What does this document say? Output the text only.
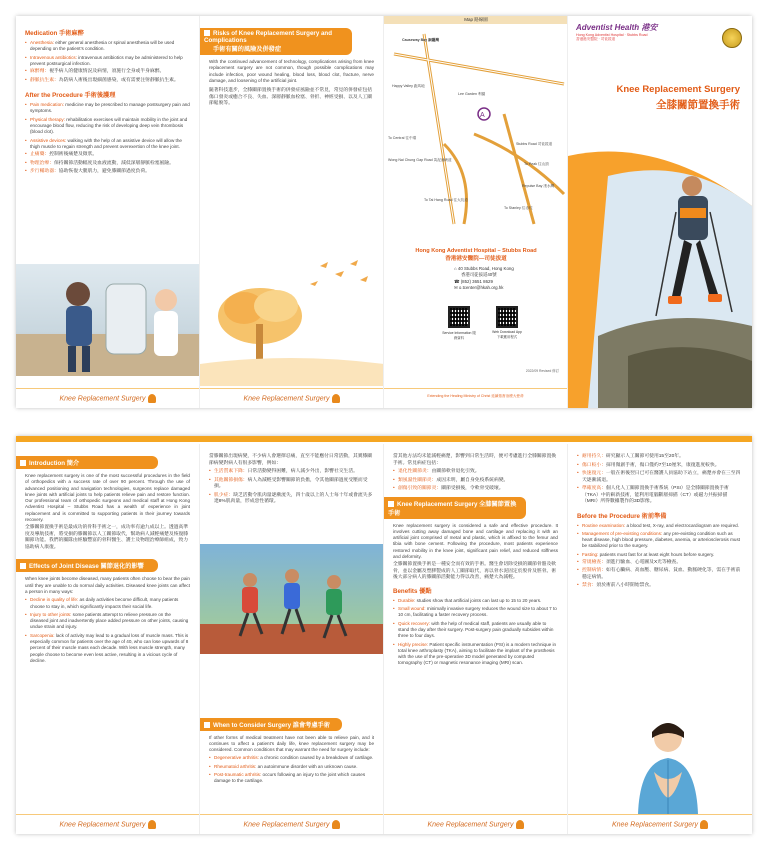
Medication 手術麻醉
• Anesthesia: either general anesthesia or spinal anesthesia will be used depending on the patient's condition.
• Intravenous antibiotics: intravenous antibiotics may be administered to help prevent postsurgical infection.
• 麻醉劑：視乎病人的健康情況及病情，須施行全身或半身麻醉。
• 靜脈抗生素：為防病人術後出現細菌感染，或有需要注射靜脈抗生素。
After the Procedure 手術後護理
• Pain medication: medicine may be prescribed to manage postsurgery pain and symptoms.
• Physical therapy: rehabilitation exercises will maintain mobility in the joint and encourage blood flow, reducing the risk of developing deep vein thrombosis (blood clot).
• Assistive devices: walking with the help of an assistive device will allow the thigh muscle to regain strength and prevent overexertion of the knee joint.
• 止痛藥：控制術後痛楚及徵狀。
• 物理治療：保持關節活動幅度及血液流動，減低深層靜脈栓塞風險。
• 步行輔助器：協助恢復大腿肌力，避免膝關節過度負荷。
Knee Replacement Surgery
Risks of Knee Replacement Surgery and Complications
手術有關的風險及併發症

With the continued advancement of technology, complications arising from knee replacement surgery are not common, though possible complications may include infection, poor wound healing, blood loss, blood clot, fracture, nerve damage, and loosening of the artificial joint.

隨著科技進步，全膝關節置換手術的併發症風險並不常見，常見的併發症包括傷口發炎或癒合不良、失血、深層靜脈血栓塞、骨折、神經受損、以及人工關節鬆脫等。

Knee Replacement Surgery
Map 路線圖
A
Causeway Bay 銅鑼灣
Happy Valley 跑馬地
Lee Garden 利園
Stubbs Road 司徒拔道
Wong Nai Chung Gap Road 黃泥涌峽道
To Peak 往山頂
Repulse Bay 淺水灣
To Tai Hang Road 往大坑道
To Central 往中環
To Stanley 往赤柱
Hong Kong Adventist Hospital – Stubbs Road
香港港安醫院—司徒拔道
⌂ 40 Stubbs Road, Hong Kong
香港司徒拔道40號
☎ (852) 3651 8629
✉ o.tcenter@hkah.org.hk
Service Information 服務資料
Web Download App 下載應用程式
2022/09 Revised 修訂
Extending the Healing Ministry of Christ 延續基督治療大使命
Adventist Health 港安
Hong Kong Adventist Hospital · Stubbs Road
香港港安醫院 · 司徒拔道
Knee Replacement Surgery
全膝關節置換手術
Introduction 簡介

Knee replacement surgery is one of the most successful procedures in the field of orthopedics with a success rate of over 90 percent. Through the use of advanced positioning and navigation technologies, surgeons replace damaged knee joints with artificial joints to help patients relieve pain and restore function. Our professional team of orthopedic surgeons and medical staff at Hong Kong Adventist Hospital – Stubbs Road has a wealth of experience in joint replacement and is committed to supporting patients in their journey towards recovery.

全膝關節置換手術是最成功的骨科手術之一，成功率有逾九成以上。透過高準度及導航技術，將受損的膝關節以人工關節取代，幫助病人減輕痛楚及恢復膝關節功能。我們的團隊由經驗豐富的骨科醫生、護士及物理治療師組成，致力協助病人康復。

Effects of Joint Disease 關節退化的影響

When knee joints become diseased, many patients often choose to bear the pain until they are unable to do normal daily activities. Diseased knee joints can affect a person in many ways:

• Decline in quality of life: as daily activities become difficult, many patients choose to stay in, which significantly impacts their social life.
• Injury to other joints: some patients attempt to relieve pressure on the diseased joint and inadvertently place added pressure on other joints, causing undue strain and injury.
• Sarcopenia: lack of activity may lead to a gradual loss of muscle mass. This is especially common for patients over the age of 40, who can lose upwards of 8 percent of their muscle mass each decade. With less muscle strength, many people choose to become even less active, resulting in a vicious cycle of decline.
Knee Replacement Surgery

當膝關節出現病變，不少病人會選擇忍痛，直至不能應付日常活動，其實膝關節病變對病人有很多影響，例如：

• 生活質素下降：日常活動變得困難，病人減少外出，影響社交生活。
• 其他關節損傷：病人為減輕受影響關節的負擔，令其他關節過度受壓而受損。
• 肌少症：缺乏活動令肌肉量逐漸流失，四十歲以上的人士每十年或會流失多達8%肌肉量，形成惡性循環。
When to Consider Surgery 誰會考慮手術

If other forms of medical treatment have not been able to relieve pain, and it continues to affect a patient's daily life, knee replacement surgery may be considered. Common conditions that may warrant the need for surgery include:

• Degenerative arthritis: a chronic condition caused by a breakdown of cartilage.
• Rheumatoid arthritis: an autoimmune disorder with an unknown cause.
• Post-traumatic arthritis: occurs following an injury to the joint which causes damage to the cartilage.
Knee Replacement Surgery

當其他方法均未能減輕痛楚，影響到日常生活時，便可考慮進行全膝關節置換手術。常見病症包括：

• 退化性關節炎：由關節軟骨退化引致。
• 類風濕性關節炎：成因未明，屬自身免疫系統病變。
• 創傷引致的關節炎：關節受損後，令軟骨受破壞。
Knee Replacement Surgery 全膝關節置換手術

Knee replacement surgery is considered a safe and effective procedure. It involves cutting away damaged bone and cartilage and replacing it with an artificial joint comprised of metal and plastic, which is affixed to the femur and tibia with bone cement. Following the procedure, most patients experience restored mobility in the knee joint, significant pain relief, and reduced stiffness and deformity.

全膝關節置換手術是一種安全而有效的手術。醫生會切除受損的關節骨骼及軟骨，並以金屬及塑膠製成的人工關節取代，再以骨水泥固定於股骨及脛骨。術後大部分病人的膝關節活動能力得以改善，痛楚大為減輕。

Benefits 優點
• Durable: studies show that artificial joints can last up to 15 to 20 years.
• Small wound: minimally invasive surgery reduces the wound size to about 7 to 10 cm, facilitating a faster recovery process.
• Quick recovery: with the help of medical staff, patients are usually able to stand the day after their surgery. Post-surgery pain gradually subsides within three to four days.
• Highly precise: Patient specific instrumentation (PSI) is a modern technique in total knee arthroplasty (TKA), aiming to facilitate the implant of the prosthesis with the use of the pre-operative 3D model generated by computed tomography (CT) or magnetic resonance imaging (MRI) scan.
Knee Replacement Surgery
• 耐用持久：研究顯示人工關節可使用15至20年。
• 傷口較小：採用微創手術，傷口僅約7至10厘米，康復進度較快。
• 快速復元：一般在術後翌日已可在醫護人員協助下站立，痛楚亦會在三至四天逐漸減退。
• 準確度高：個人化人工關節置換手術系統（PSI）是全膝關節置換手術（TKA）中的嶄新技術，能利用電腦斷層掃描（CT）或磁力共振掃描（MRI）所得數據製作的3D影像。
Before the Procedure 術前準備
• Routine examination: a blood test, X-ray, and electrocardiogram are required.
• Management of pre-existing conditions: any pre-existing condition such as heart disease, high blood pressure, diabetes, anemia, or arteriosclerosis must be stabilized prior to the surgery.
• Fasting: patients must fast for at least eight hours before surgery.
• 常規檢查：須進行驗血、心電圖及X光等檢查。
• 控制病情：如有心臟病、高血壓、糖尿病、貧血、動脈硬化等，需在手術前穩定病情。
• 禁食：須於術前八小時開始禁食。
Knee Replacement Surgery
